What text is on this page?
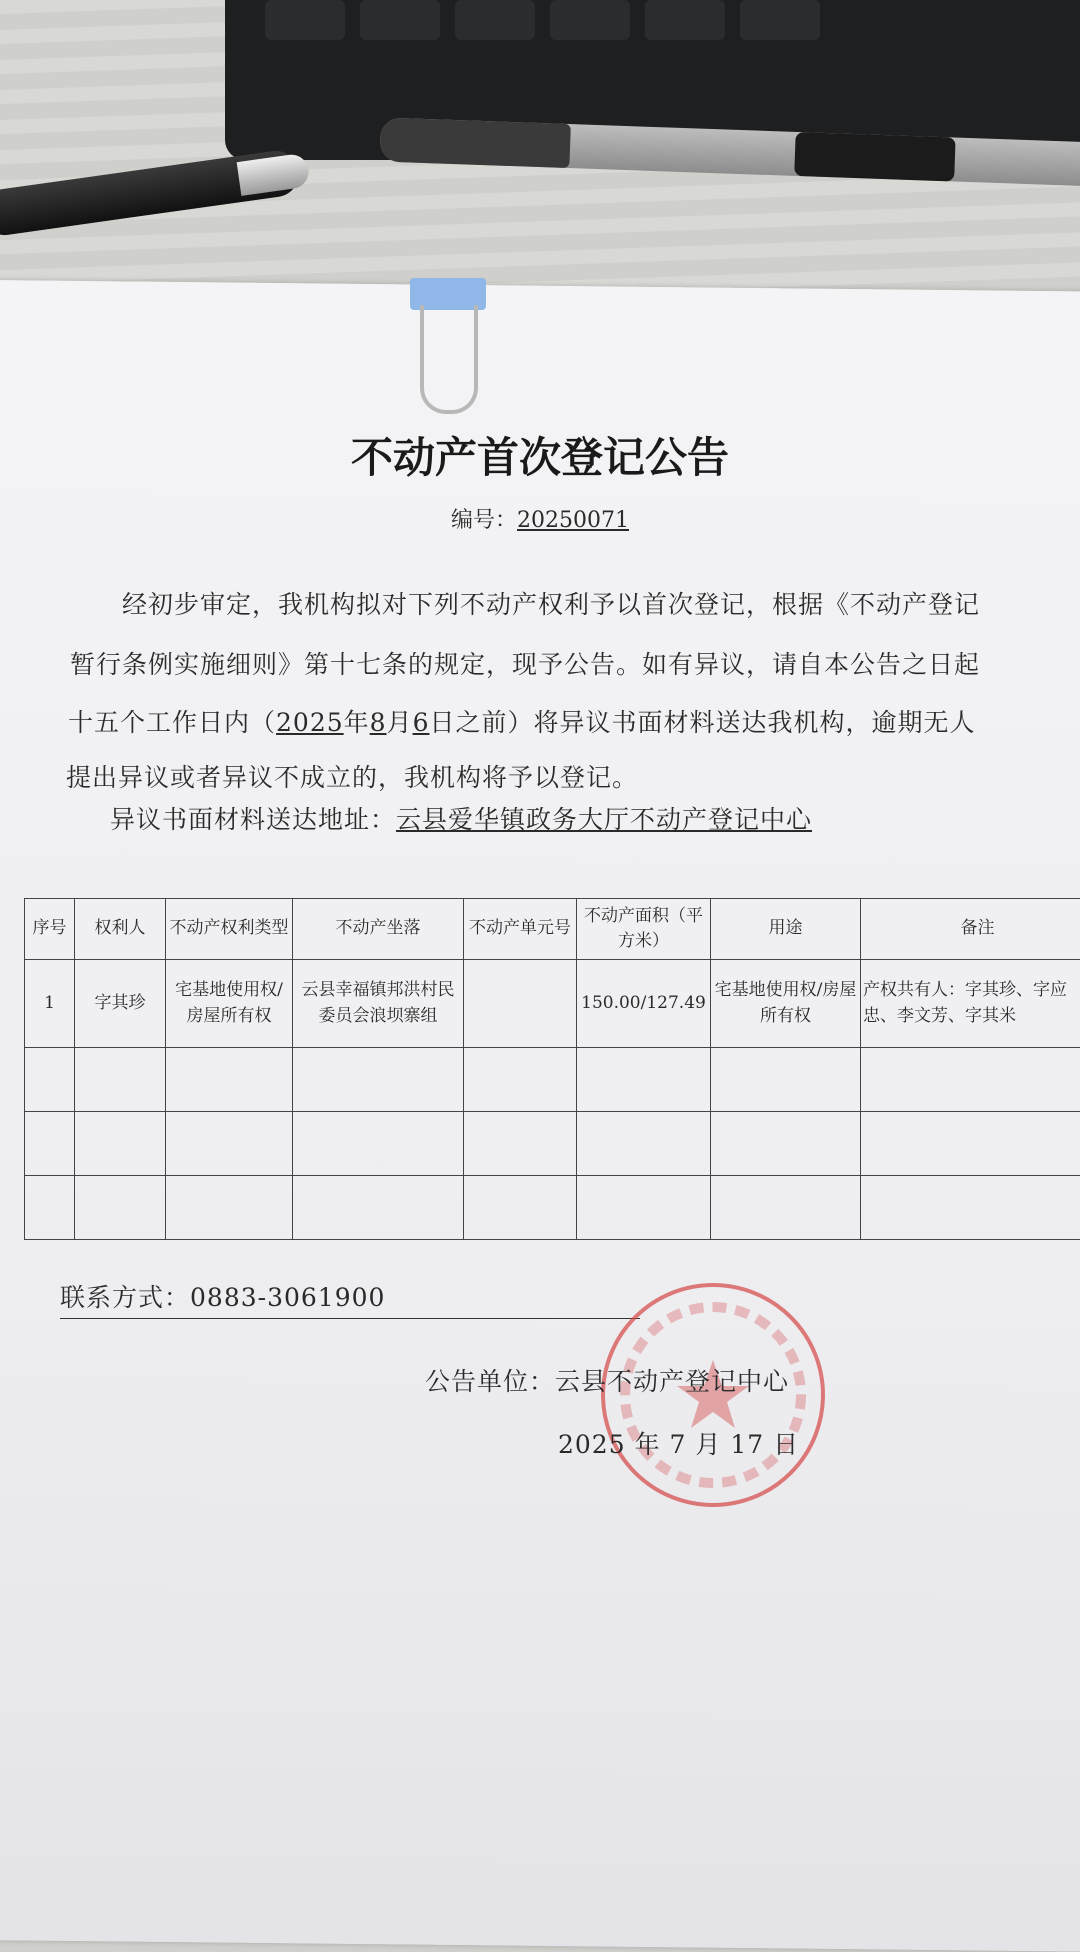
不动产首次登记公告
编号：20250071
经初步审定，我机构拟对下列不动产权利予以首次登记，根据《不动产登记
暂行条例实施细则》第十七条的规定，现予公告。如有异议，请自本公告之日起
十五个工作日内（2025年8月6日之前）将异议书面材料送达我机构，逾期无人
提出异议或者异议不成立的，我机构将予以登记。
异议书面材料送达地址：云县爱华镇政务大厅不动产登记中心
序号	权利人	不动产权利类型	不动产坐落	不动产单元号	不动产面积（平方米）	用途	备注
1	字其珍	宅基地使用权/房屋所有权	云县幸福镇邦洪村民委员会浪坝寨组		150.00/127.49	宅基地使用权/房屋所有权	产权共有人：字其珍、字应忠、李文芳、字其米

联系方式：0883-3061900
公告单位：云县不动产登记中心
2025 年 7 月 17 日
